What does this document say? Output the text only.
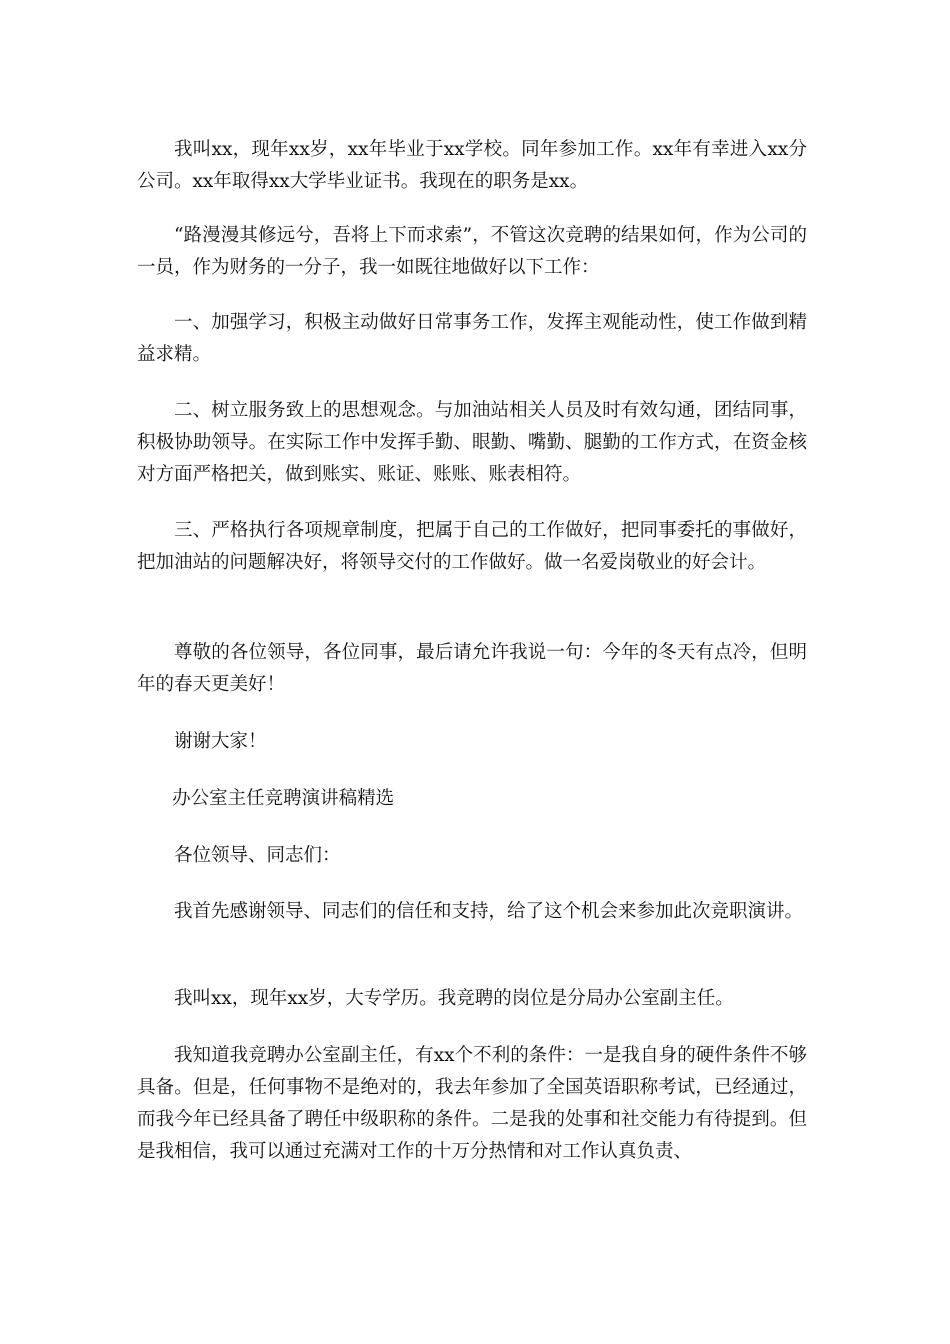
我叫xx，现年xx岁，xx年毕业于xx学校。同年参加工作。xx年有幸进入xx分公司。xx年取得xx大学毕业证书。我现在的职务是xx。

“路漫漫其修远兮，吾将上下而求索”，不管这次竞聘的结果如何，作为公司的一员，作为财务的一分子，我一如既往地做好以下工作：

一、加强学习，积极主动做好日常事务工作，发挥主观能动性，使工作做到精益求精。

二、树立服务致上的思想观念。与加油站相关人员及时有效勾通，团结同事，积极协助领导。在实际工作中发挥手勤、眼勤、嘴勤、腿勤的工作方式，在资金核对方面严格把关，做到账实、账证、账账、账表相符。

三、严格执行各项规章制度，把属于自己的工作做好，把同事委托的事做好，把加油站的问题解决好，将领导交付的工作做好。做一名爱岗敬业的好会计。

尊敬的各位领导，各位同事，最后请允许我说一句：今年的冬天有点冷，但明年的春天更美好！

谢谢大家！

办公室主任竞聘演讲稿精选

各位领导、同志们：

我首先感谢领导、同志们的信任和支持，给了这个机会来参加此次竞职演讲。

我叫xx，现年xx岁，大专学历。我竞聘的岗位是分局办公室副主任。

我知道我竞聘办公室副主任，有xx个不利的条件：一是我自身的硬件条件不够具备。但是，任何事物不是绝对的，我去年参加了全国英语职称考试，已经通过，而我今年已经具备了聘任中级职称的条件。二是我的处事和社交能力有待提到。但是我相信，我可以通过充满对工作的十万分热情和对工作认真负责、
